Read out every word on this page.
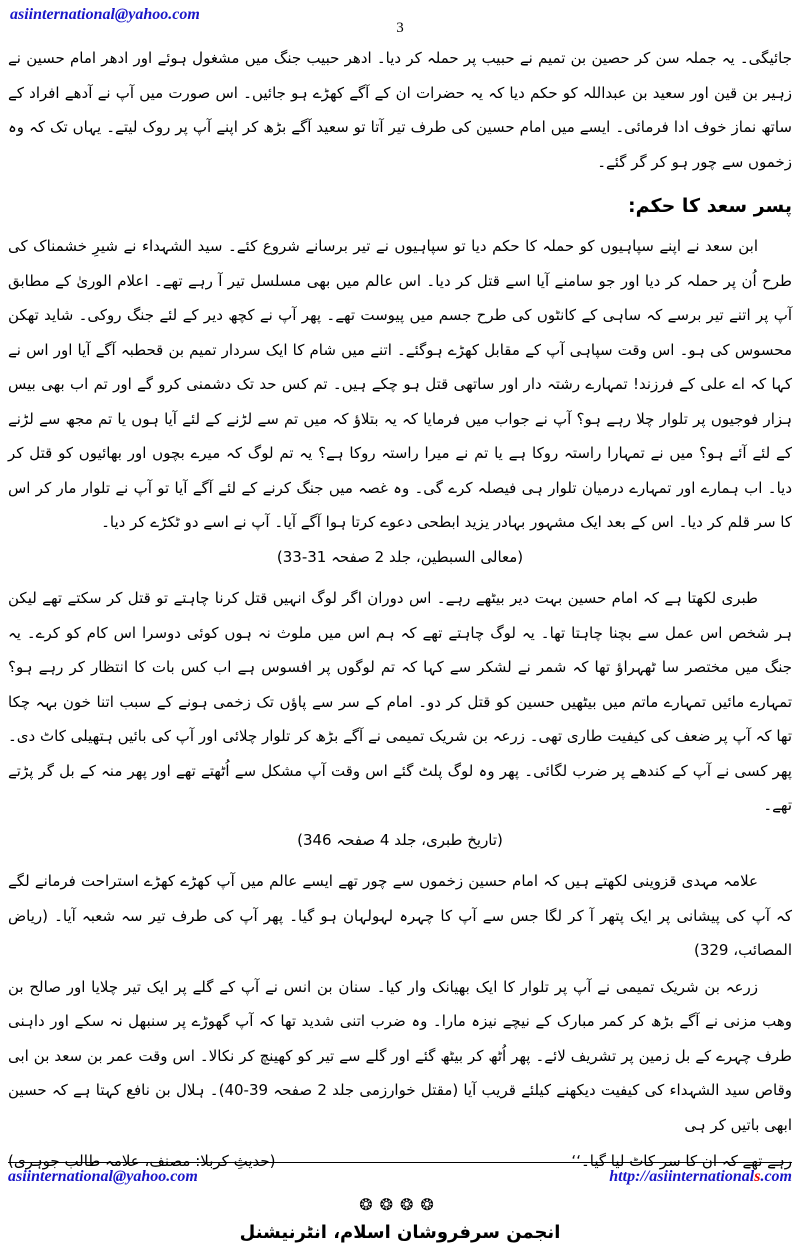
asiinternational@yahoo.com
3

جائیگی۔ یہ جملہ سن کر حصین بن تمیم نے حبیب پر حملہ کر دیا۔ ادھر حبیب جنگ میں مشغول ہوئے اور ادھر امام حسین نے زہیر بن قین اور سعید بن عبداللہ کو حکم دیا کہ یہ حضرات ان کے آگے کھڑے ہو جائیں۔ اس صورت میں آپ نے آدھے افراد کے ساتھ نماز خوف ادا فرمائی۔ ایسے میں امام حسین کی طرف تیر آتا تو سعید آگے بڑھ کر اپنے آپ پر روک لیتے۔ یہاں تک کہ وہ زخموں سے چور ہو کر گر گئے۔

پسر سعد کا حکم:

ابن سعد نے اپنے سپاہیوں کو حملہ کا حکم دیا تو سپاہیوں نے تیر برسانے شروع کئے۔ سید الشہداء نے شیرِ خشمناک کی طرح اُن پر حملہ کر دیا اور جو سامنے آیا اسے قتل کر دیا۔ اس عالم میں بھی مسلسل تیر آ رہے تھے۔ اعلام الوریٰ کے مطابق آپ پر اتنے تیر برسے کہ ساہی کے کانٹوں کی طرح جسم میں پیوست تھے۔ پھر آپ نے کچھ دیر کے لئے جنگ روکی۔ شاید تھکن محسوس کی ہو۔ اس وقت سپاہی آپ کے مقابل کھڑے ہوگئے۔ اتنے میں شام کا ایک سردار تمیم بن قحطبہ آگے آیا اور اس نے کہا کہ اے علی کے فرزند! تمہارے رشتہ دار اور ساتھی قتل ہو چکے ہیں۔ تم کس حد تک دشمنی کرو گے اور تم اب بھی بیس ہزار فوجیوں پر تلوار چلا رہے ہو؟ آپ نے جواب میں فرمایا کہ یہ بتلاؤ کہ میں تم سے لڑنے کے لئے آیا ہوں یا تم مجھ سے لڑنے کے لئے آئے ہو؟ میں نے تمہارا راستہ روکا ہے یا تم نے میرا راستہ روکا ہے؟ یہ تم لوگ کہ میرے بچوں اور بھائیوں کو قتل کر دیا۔ اب ہمارے اور تمہارے درمیان تلوار ہی فیصلہ کرے گی۔ وہ غصہ میں جنگ کرنے کے لئے آگے آیا تو آپ نے تلوار مار کر اس کا سر قلم کر دیا۔ اس کے بعد ایک مشہور بہادر یزید ابطحی دعوے کرتا ہوا آگے آیا۔ آپ نے اسے دو ٹکڑے کر دیا۔

(معالی السبطین، جلد 2 صفحہ 31-33)

طبری لکھتا ہے کہ امام حسین بہت دیر بیٹھے رہے۔ اس دوران اگر لوگ انہیں قتل کرنا چاہتے تو قتل کر سکتے تھے لیکن ہر شخص اس عمل سے بچنا چاہتا تھا۔ یہ لوگ چاہتے تھے کہ ہم اس میں ملوث نہ ہوں کوئی دوسرا اس کام کو کرے۔ یہ جنگ میں مختصر سا ٹھہراؤ تھا کہ شمر نے لشکر سے کہا کہ تم لوگوں پر افسوس ہے اب کس بات کا انتظار کر رہے ہو؟ تمہارے مائیں تمہارے ماتم میں بیٹھیں حسین کو قتل کر دو۔ امام کے سر سے پاؤں تک زخمی ہونے کے سبب اتنا خون بہہ چکا تھا کہ آپ پر ضعف کی کیفیت طاری تھی۔ زرعہ بن شریک تمیمی نے آگے بڑھ کر تلوار چلائی اور آپ کی بائیں ہتھیلی کاٹ دی۔ پھر کسی نے آپ کے کندھے پر ضرب لگائی۔ پھر وہ لوگ پلٹ گئے اس وقت آپ مشکل سے اُٹھتے تھے اور پھر منہ کے بل گر پڑتے تھے۔

(تاریخ طبری، جلد 4 صفحہ 346)

علامہ مہدی قزوینی لکھتے ہیں کہ امام حسین زخموں سے چور تھے ایسے عالم میں آپ کھڑے کھڑے استراحت فرمانے لگے کہ آپ کی پیشانی پر ایک پتھر آ کر لگا جس سے آپ کا چہرہ لہولہان ہو گیا۔ پھر آپ کی طرف تیر سہ شعبہ آیا۔ (ریاض المصائب، 329)

زرعہ بن شریک تمیمی نے آپ پر تلوار کا ایک بھیانک وار کیا۔ سنان بن انس نے آپ کے گلے پر ایک تیر چلایا اور صالح بن وھب مزنی نے آگے بڑھ کر کمر مبارک کے نیچے نیزہ مارا۔ وہ ضرب اتنی شدید تھا کہ آپ گھوڑے پر سنبھل نہ سکے اور داہنی طرف چہرے کے بل زمین پر تشریف لائے۔ پھر اُٹھ کر بیٹھ گئے اور گلے سے تیر کو کھینچ کر نکالا۔ اس وقت عمر بن سعد بن ابی وقاص سید الشہداء کی کیفیت دیکھنے کیلئے قریب آیا (مقتل خوارزمی جلد 2 صفحہ 39-40)۔ ہلال بن نافع کہتا ہے کہ حسین ابھی باتیں کر ہی

رہے تھے کہ ان کا سر کاٹ لیا گیا۔‘‘
(حدیثِ کربلا: مصنف، علامہ طالب جوہری)
❂❂❂❂
انجمن سرفروشان اسلام، انٹرنیشنل
asiinternational@yahoo.com	http://asiinternationals.com
